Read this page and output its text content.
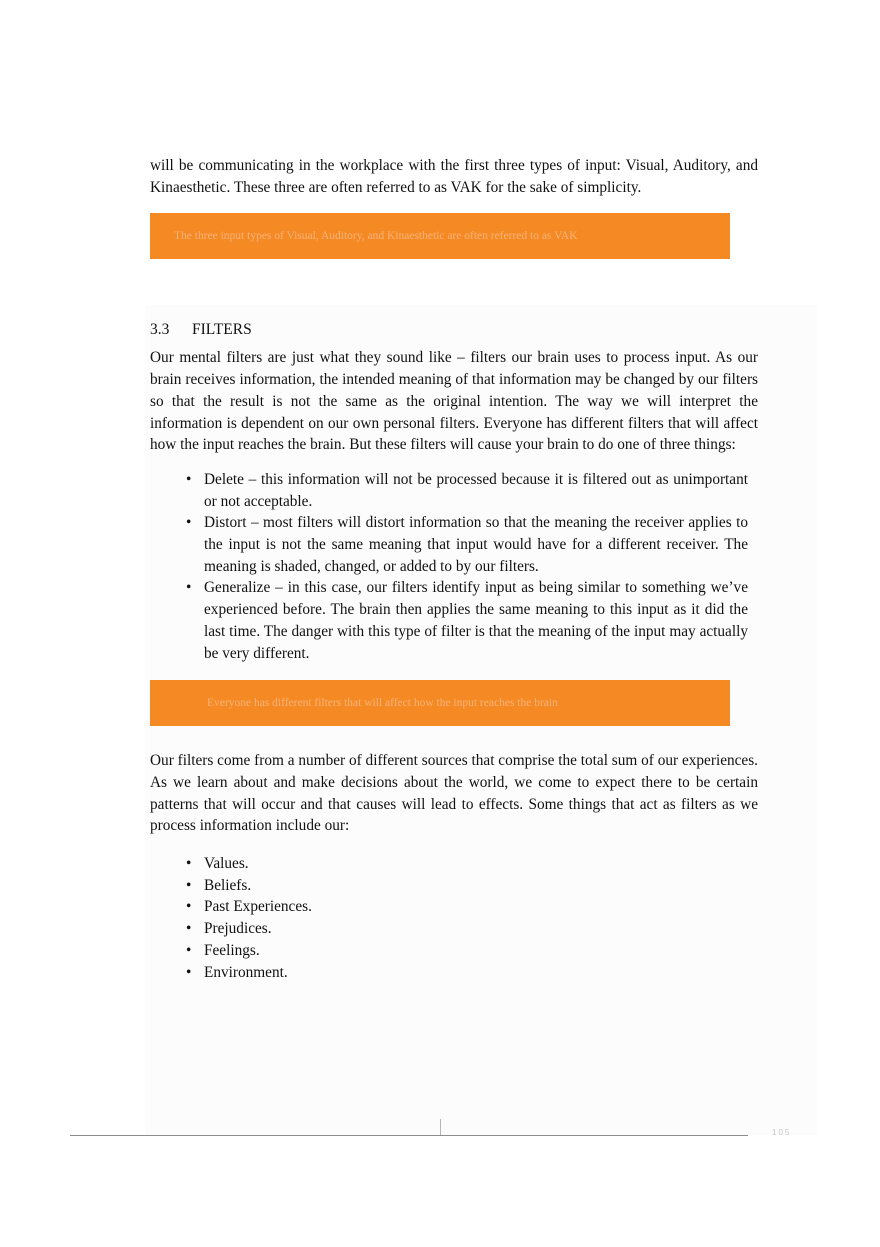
will be communicating in the workplace with the first three types of input: Visual, Auditory, and Kinaesthetic. These three are often referred to as VAK for the sake of simplicity.

The three input types of Visual, Auditory, and Kinaesthetic are often referred to as VAK
3.3 FILTERS

Our mental filters are just what they sound like – filters our brain uses to process input. As our brain receives information, the intended meaning of that information may be changed by our filters so that the result is not the same as the original intention. The way we will interpret the information is dependent on our own personal filters. Everyone has different filters that will affect how the input reaches the brain. But these filters will cause your brain to do one of three things:

• Delete – this information will not be processed because it is filtered out as unimportant or not acceptable.
• Distort – most filters will distort information so that the meaning the receiver applies to the input is not the same meaning that input would have for a different receiver. The meaning is shaded, changed, or added to by our filters.
• Generalize – in this case, our filters identify input as being similar to something we’ve experienced before. The brain then applies the same meaning to this input as it did the last time. The danger with this type of filter is that the meaning of the input may actually be very different.
Everyone has different filters that will affect how the input reaches the brain

Our filters come from a number of different sources that comprise the total sum of our experiences. As we learn about and make decisions about the world, we come to expect there to be certain patterns that will occur and that causes will lead to effects. Some things that act as filters as we process information include our:

• Values.
• Beliefs.
• Past Experiences.
• Prejudices.
• Feelings.
• Environment.
105
